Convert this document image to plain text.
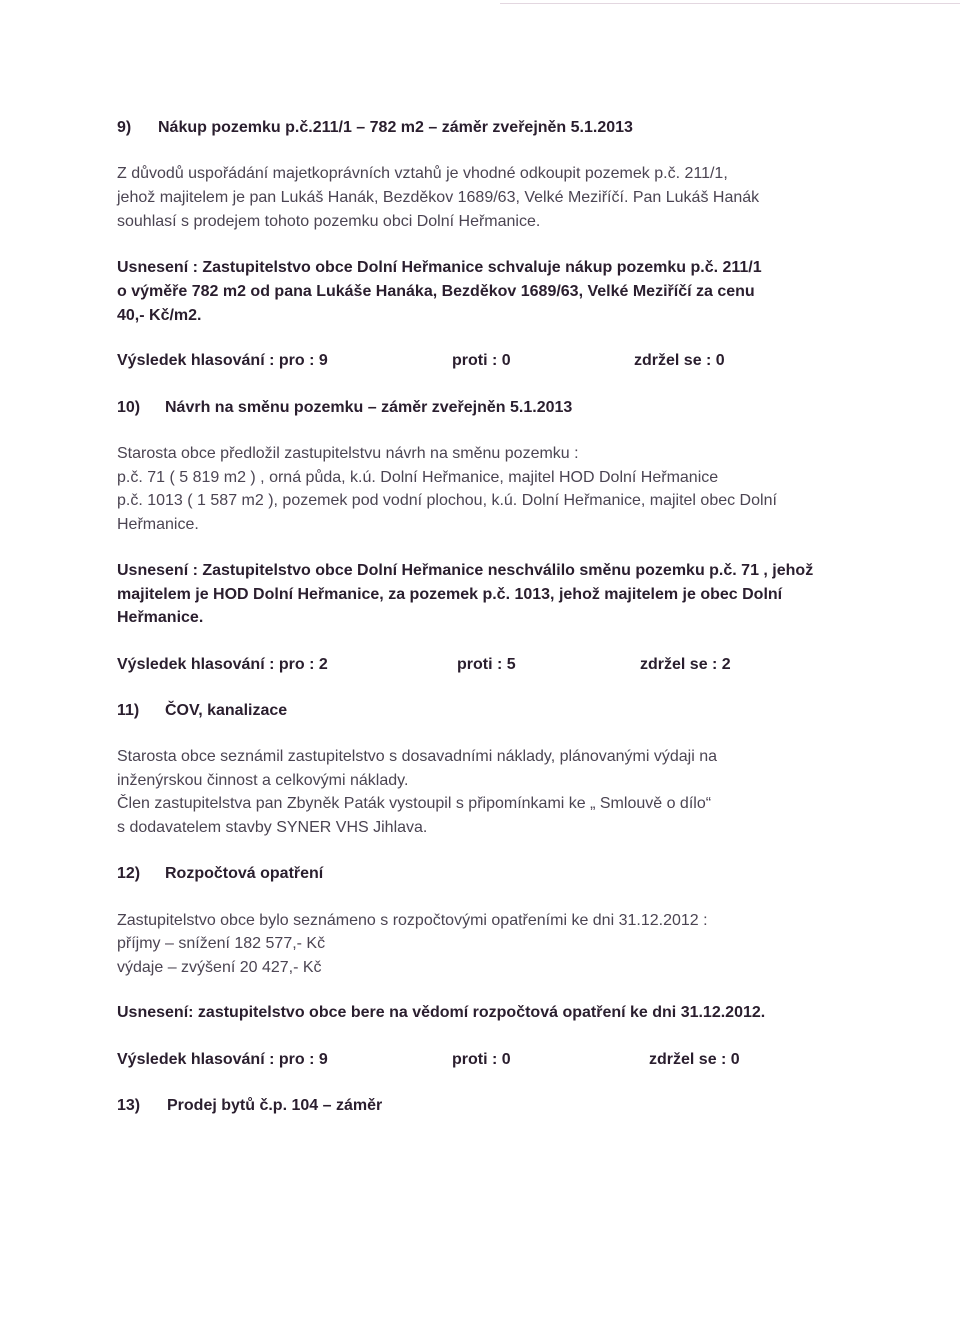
9) Nákup pozemku p.č.211/1 – 782 m2 – záměr zveřejněn 5.1.2013
Z důvodů uspořádání majetkoprávních vztahů je vhodné odkoupit pozemek p.č. 211/1,
jehož majitelem je pan Lukáš Hanák, Bezděkov 1689/63, Velké Meziříčí. Pan Lukáš Hanák
souhlasí s prodejem tohoto pozemku obci Dolní Heřmanice.
Usnesení : Zastupitelstvo obce Dolní Heřmanice schvaluje nákup pozemku p.č. 211/1
o výměře 782 m2 od pana Lukáše Hanáka, Bezděkov 1689/63, Velké Meziříčí za cenu
40,- Kč/m2.
Výsledek hlasování : pro : 9	proti : 0	zdržel se : 0
10) Návrh na směnu pozemku – záměr zveřejněn 5.1.2013
Starosta obce předložil zastupitelstvu návrh na směnu pozemku :
p.č. 71 ( 5 819 m2 ) , orná půda, k.ú. Dolní Heřmanice, majitel HOD Dolní Heřmanice
p.č. 1013 ( 1 587 m2 ), pozemek pod vodní plochou, k.ú. Dolní Heřmanice, majitel obec Dolní
Heřmanice.
Usnesení : Zastupitelstvo obce Dolní Heřmanice neschválilo směnu pozemku p.č. 71 , jehož
majitelem je HOD Dolní Heřmanice, za pozemek p.č. 1013, jehož majitelem je obec Dolní
Heřmanice.
Výsledek hlasování : pro : 2	proti : 5	zdržel se : 2
11) ČOV, kanalizace
Starosta obce seznámil zastupitelstvo s dosavadními náklady, plánovanými výdaji na
inženýrskou činnost a celkovými náklady.
Člen zastupitelstva pan Zbyněk Paták vystoupil s připomínkami ke „ Smlouvě o dílo“
s dodavatelem stavby SYNER VHS Jihlava.
12) Rozpočtová opatření
Zastupitelstvo obce bylo seznámeno s rozpočtovými opatřeními ke dni 31.12.2012 :
příjmy – snížení 182 577,- Kč
výdaje – zvýšení 20 427,- Kč
Usnesení: zastupitelstvo obce bere na vědomí rozpočtová opatření ke dni 31.12.2012.
Výsledek hlasování : pro : 9	proti : 0	zdržel se : 0
13) Prodej bytů č.p. 104 – záměr
